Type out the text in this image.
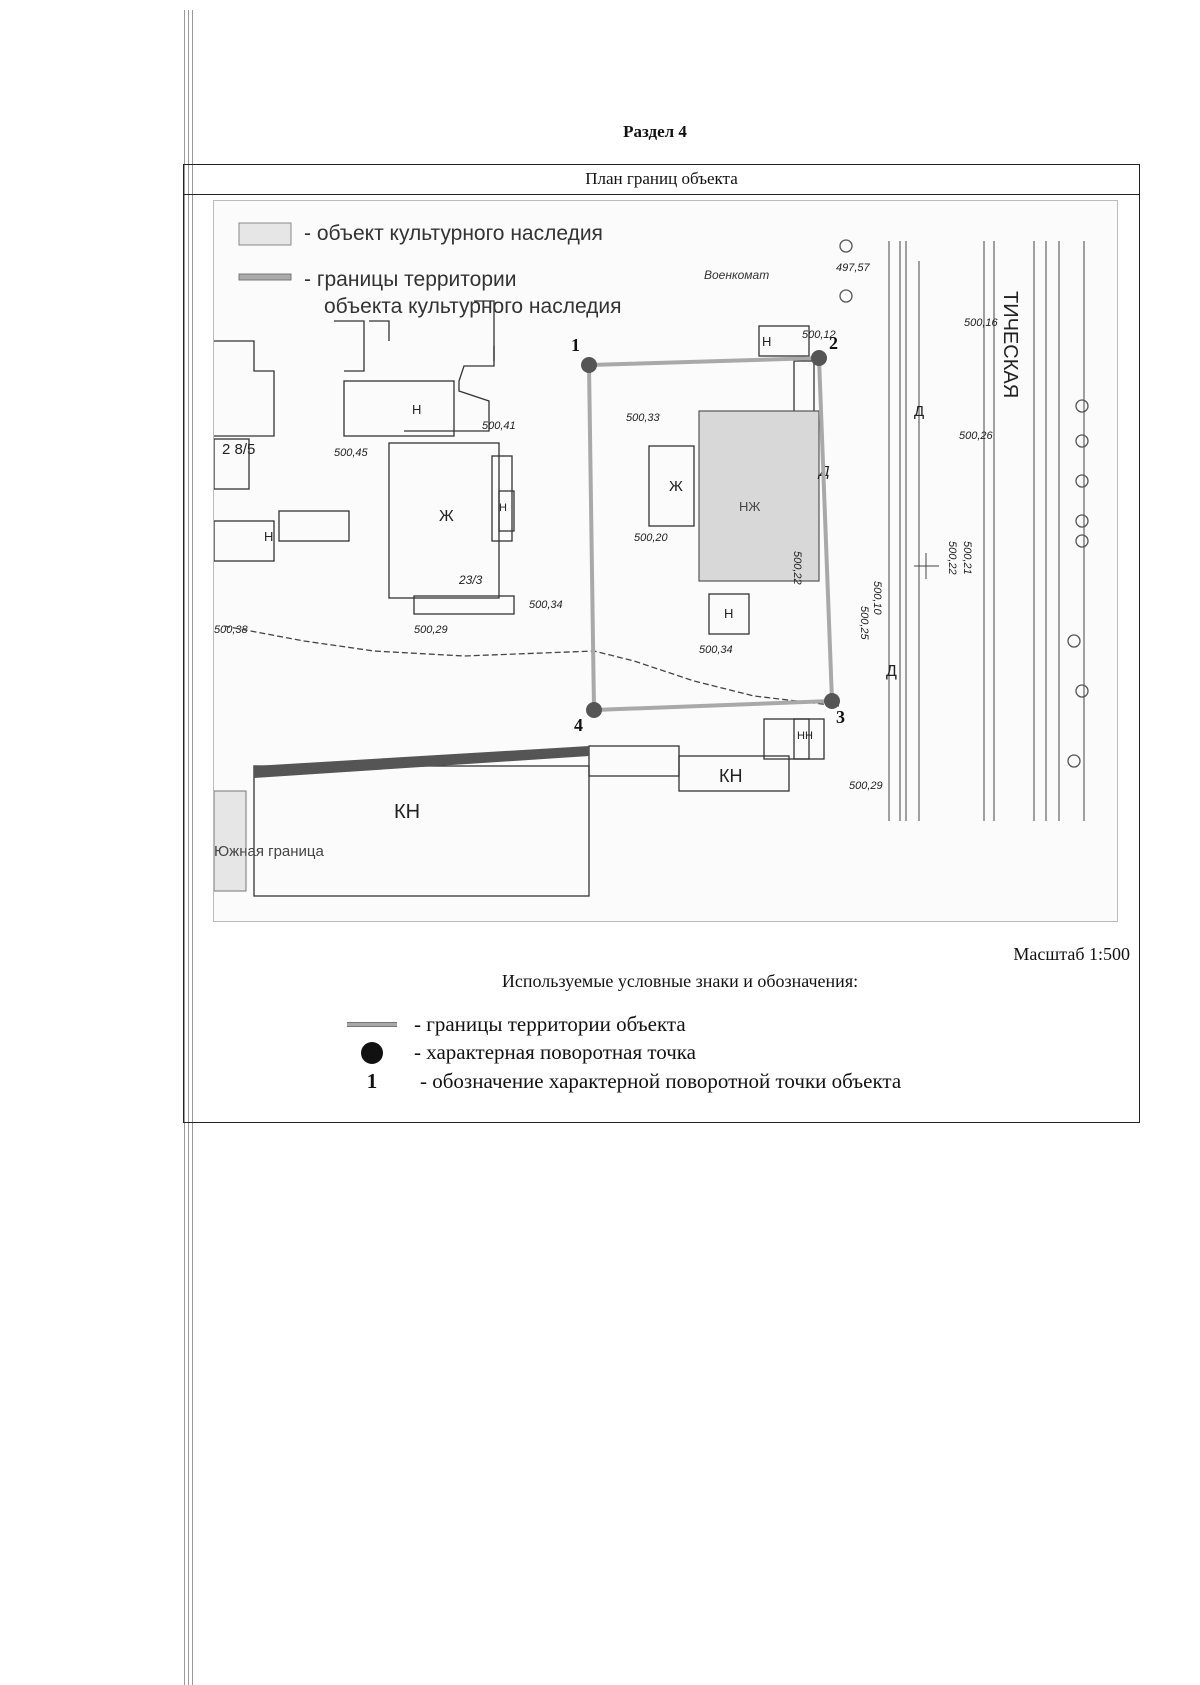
Раздел 4
План границ объекта
- объект культурного наследия
- границы территории
объекта культурного наследия
Военкомат
ТИЧЕСКАЯ
2 8/5
23/3
Ж
Ж
НЖ
Н
Н
Н
Н
Н
КН
КН
НН
Д
Д
Д
Южная граница
500,41
500,33
500,45
500,20
500,22
500,34
500,34
500,29
500,38
500,29
500,25
500,10
500,22 500,21
500,16
497,57
500,12
500,26
1	2
3
4
Масштаб 1:500
Используемые условные знаки и обозначения:
- границы территории объекта
- характерная поворотная точка
1 - обозначение характерной поворотной точки объекта
